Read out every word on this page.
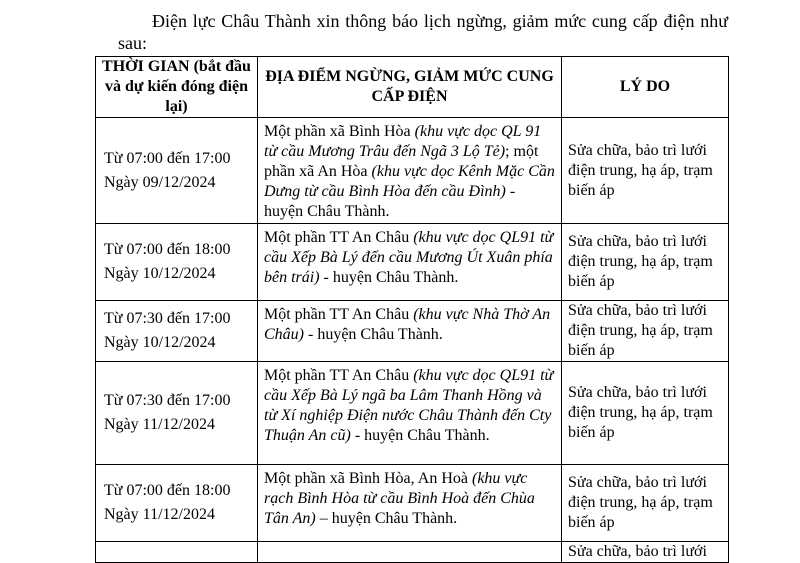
Điện lực Châu Thành xin thông báo lịch ngừng, giảm mức cung cấp điện như sau:
THỜI GIAN (bắt đầu và dự kiến đóng điện lại)	ĐỊA ĐIỂM NGỪNG, GIẢM MỨC CUNG CẤP ĐIỆN	LÝ DO

Từ 07:00 đến 17:00
Ngày 09/12/2024	Một phần xã Bình Hòa (khu vực dọc QL 91 từ cầu Mương Trâu đến Ngã 3 Lộ Tẻ); một phần xã An Hòa (khu vực dọc Kênh Mặc Cần Dưng từ cầu Bình Hòa đến cầu Đình) - huyện Châu Thành.	Sửa chữa, bảo trì lưới điện trung, hạ áp, trạm biến áp

Từ 07:00 đến 18:00
Ngày 10/12/2024	Một phần TT An Châu (khu vực dọc QL91 từ cầu Xếp Bà Lý đến cầu Mương Út Xuân phía bên trái) - huyện Châu Thành.	Sửa chữa, bảo trì lưới điện trung, hạ áp, trạm biến áp

Từ 07:30 đến 17:00
Ngày 10/12/2024	Một phần TT An Châu (khu vực Nhà Thờ An Châu) - huyện Châu Thành.	Sửa chữa, bảo trì lưới điện trung, hạ áp, trạm biến áp

Từ 07:30 đến 17:00
Ngày 11/12/2024	Một phần TT An Châu (khu vực dọc QL91 từ cầu Xếp Bà Lý ngã ba Lâm Thanh Hồng và từ Xí nghiệp Điện nước Châu Thành đến Cty Thuận An cũ) - huyện Châu Thành.	Sửa chữa, bảo trì lưới điện trung, hạ áp, trạm biến áp

Từ 07:00 đến 18:00
Ngày 11/12/2024	Một phần xã Bình Hòa, An Hoà (khu vực rạch Bình Hòa từ cầu Bình Hoà đến Chùa Tân An) – huyện Châu Thành.	Sửa chữa, bảo trì lưới điện trung, hạ áp, trạm biến áp
		Sửa chữa, bảo trì lưới
